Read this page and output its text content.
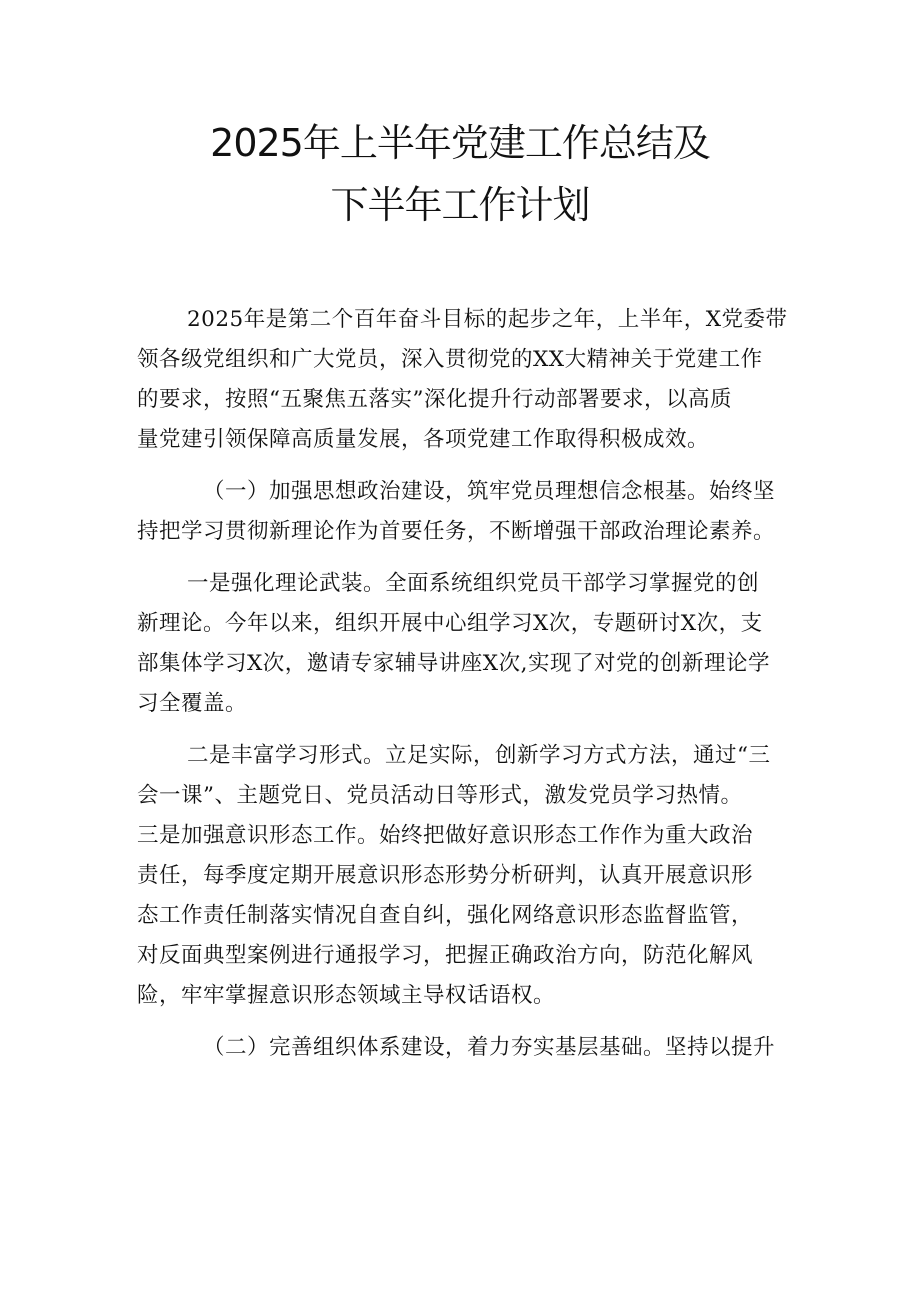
2025年上半年党建工作总结及
下半年工作计划
2025年是第二个百年奋斗目标的起步之年，上半年，X党委带
领各级党组织和广大党员，深入贯彻党的XX大精神关于党建工作
的要求，按照“五聚焦五落实”深化提升行动部署要求，以高质
量党建引领保障高质量发展，各项党建工作取得积极成效。
（一）加强思想政治建设，筑牢党员理想信念根基。始终坚
持把学习贯彻新理论作为首要任务，不断增强干部政治理论素养。
一是强化理论武装。全面系统组织党员干部学习掌握党的创
新理论。今年以来，组织开展中心组学习X次，专题研讨X次，支
部集体学习X次，邀请专家辅导讲座X次,实现了对党的创新理论学
习全覆盖。
二是丰富学习形式。立足实际，创新学习方式方法，通过“三
会一课”、主题党日、党员活动日等形式，激发党员学习热情。
三是加强意识形态工作。始终把做好意识形态工作作为重大政治
责任，每季度定期开展意识形态形势分析研判，认真开展意识形
态工作责任制落实情况自查自纠，强化网络意识形态监督监管，
对反面典型案例进行通报学习，把握正确政治方向，防范化解风
险，牢牢掌握意识形态领域主导权话语权。
（二）完善组织体系建设，着力夯实基层基础。坚持以提升
